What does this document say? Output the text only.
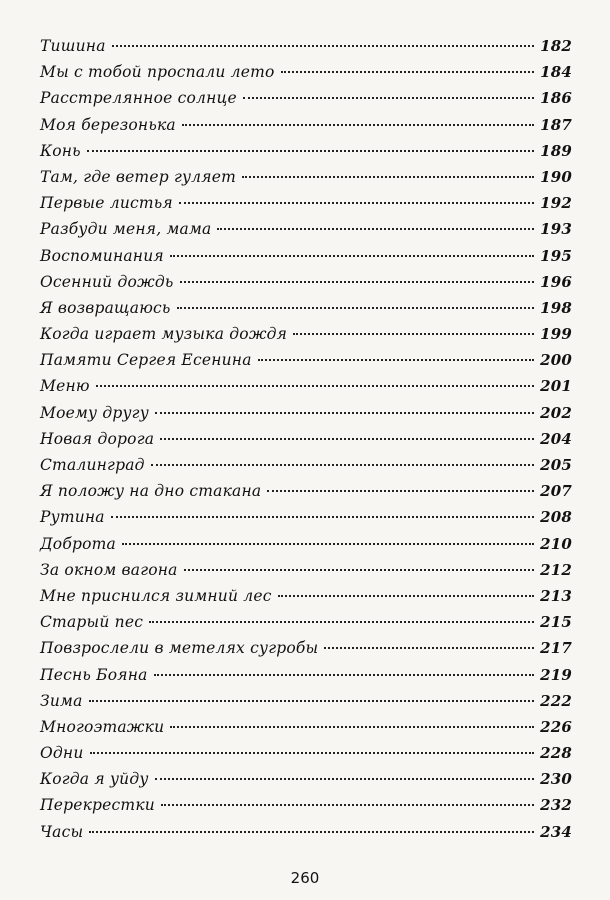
Тишина	182
Мы с тобой проспали лето	184
Расстрелянное солнце	186
Моя березонька	187
Конь	189
Там, где ветер гуляет	190
Первые листья	192
Разбуди меня, мама	193
Воспоминания	195
Осенний дождь	196
Я возвращаюсь	198
Когда играет музыка дождя	199
Памяти Сергея Есенина	200
Меню	201
Моему другу	202
Новая дорога	204
Сталинград	205
Я положу на дно стакана	207
Рутина	208
Доброта	210
За окном вагона	212
Мне приснился зимний лес	213
Старый пес	215
Повзрослели в метелях сугробы	217
Песнь Бояна	219
Зима	222
Многоэтажки	226
Одни	228
Когда я уйду	230
Перекрестки	232
Часы	234
260
